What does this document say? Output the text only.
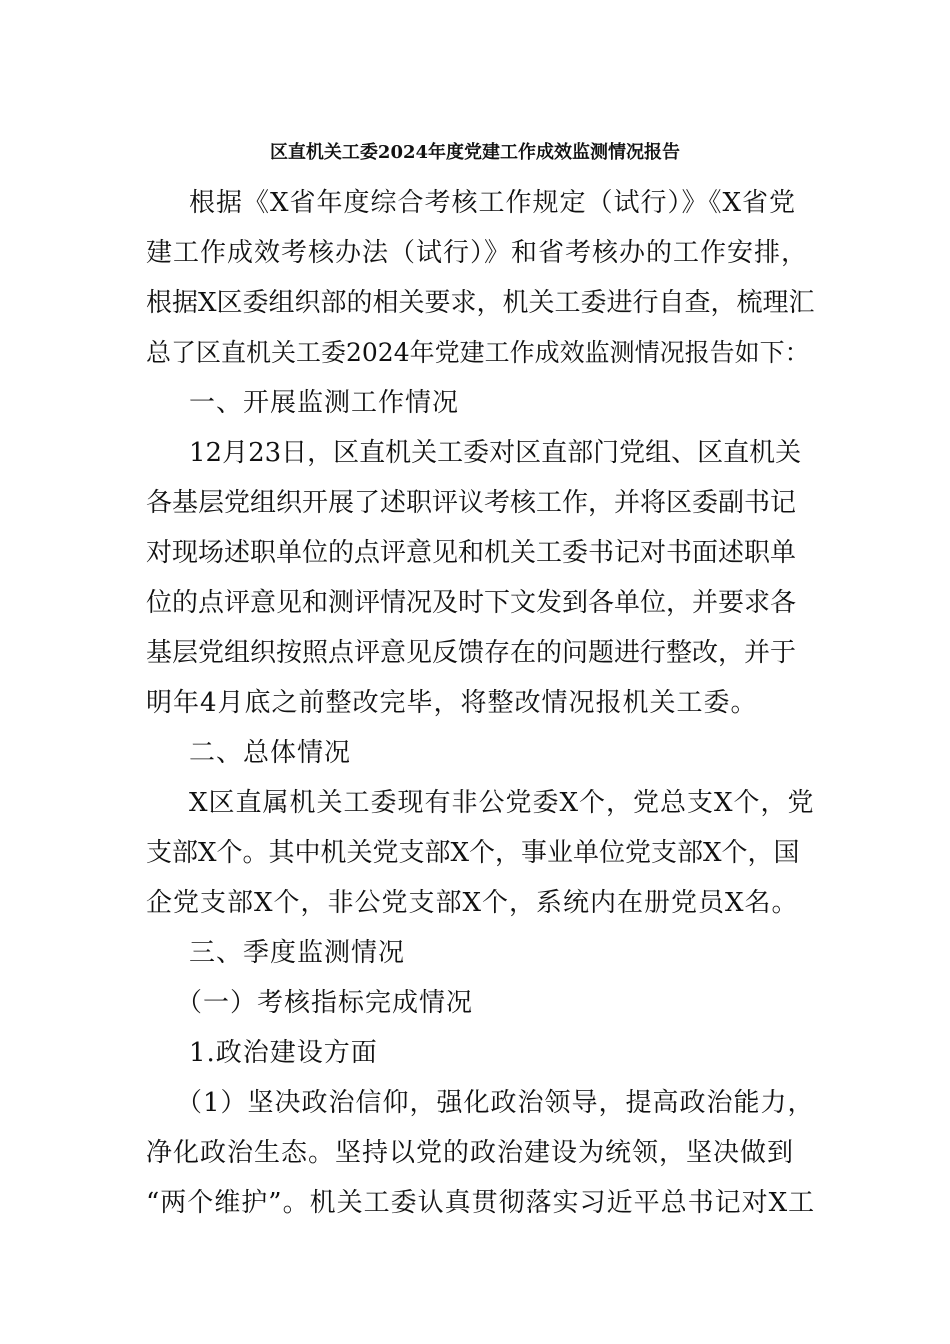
区直机关工委2024年度党建工作成效监测情况报告
根据《X省年度综合考核工作规定（试行）》《X省党
建工作成效考核办法（试行）》和省考核办的工作安排，
根据X区委组织部的相关要求，机关工委进行自查，梳理汇
总了区直机关工委2024年党建工作成效监测情况报告如下：
一、开展监测工作情况
12月23日，区直机关工委对区直部门党组、区直机关
各基层党组织开展了述职评议考核工作，并将区委副书记
对现场述职单位的点评意见和机关工委书记对书面述职单
位的点评意见和测评情况及时下文发到各单位，并要求各
基层党组织按照点评意见反馈存在的问题进行整改，并于
明年4月底之前整改完毕，将整改情况报机关工委。
二、总体情况
X区直属机关工委现有非公党委X个，党总支X个，党
支部X个。其中机关党支部X个，事业单位党支部X个，国
企党支部X个，非公党支部X个，系统内在册党员X名。
三、季度监测情况
（一）考核指标完成情况
1.政治建设方面
（1）坚决政治信仰，强化政治领导，提高政治能力，
净化政治生态。坚持以党的政治建设为统领，坚决做到
“两个维护”。机关工委认真贯彻落实习近平总书记对X工
